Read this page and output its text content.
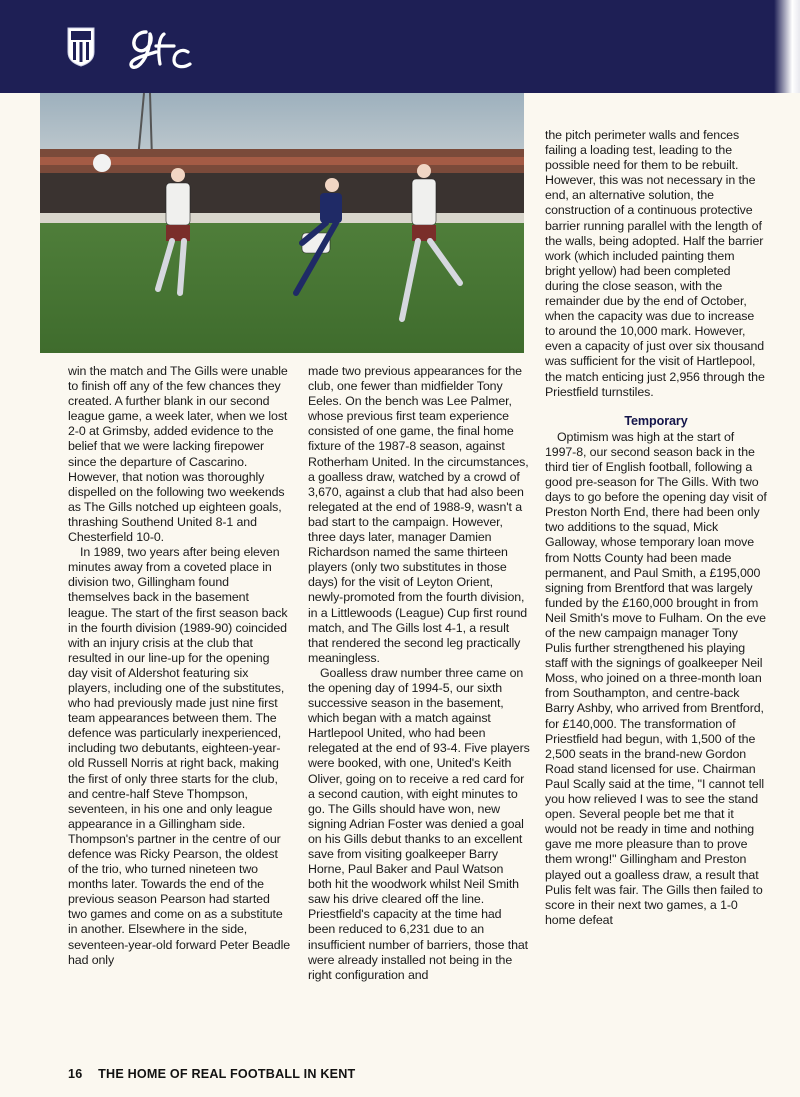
win the match and The Gills were unable to finish off any of the few chances they created. A further blank in our second league game, a week later, when we lost 2-0 at Grimsby, added evidence to the belief that we were lacking firepower since the departure of Cascarino. However, that notion was thoroughly dispelled on the following two weekends as The Gills notched up eighteen goals, thrashing Southend United 8-1 and Chesterfield 10-0.

In 1989, two years after being eleven minutes away from a coveted place in division two, Gillingham found themselves back in the basement league. The start of the first season back in the fourth division (1989-90) coincided with an injury crisis at the club that resulted in our line-up for the opening day visit of Aldershot featuring six players, including one of the substitutes, who had previously made just nine first team appearances between them. The defence was particularly inexperienced, including two debutants, eighteen-year-old Russell Norris at right back, making the first of only three starts for the club, and centre-half Steve Thompson, seventeen, in his one and only league appearance in a Gillingham side. Thompson's partner in the centre of our defence was Ricky Pearson, the oldest of the trio, who turned nineteen two months later. Towards the end of the previous season Pearson had started two games and come on as a substitute in another. Elsewhere in the side, seventeen-year-old forward Peter Beadle had only

made two previous appearances for the club, one fewer than midfielder Tony Eeles. On the bench was Lee Palmer, whose previous first team experience consisted of one game, the final home fixture of the 1987-8 season, against Rotherham United. In the circumstances, a goalless draw, watched by a crowd of 3,670, against a club that had also been relegated at the end of 1988-9, wasn't a bad start to the campaign. However, three days later, manager Damien Richardson named the same thirteen players (only two substitutes in those days) for the visit of Leyton Orient, newly-promoted from the fourth division, in a Littlewoods (League) Cup first round match, and The Gills lost 4-1, a result that rendered the second leg practically meaningless.

Goalless draw number three came on the opening day of 1994-5, our sixth successive season in the basement, which began with a match against Hartlepool United, who had been relegated at the end of 93-4. Five players were booked, with one, United's Keith Oliver, going on to receive a red card for a second caution, with eight minutes to go. The Gills should have won, new signing Adrian Foster was denied a goal on his Gills debut thanks to an excellent save from visiting goalkeeper Barry Horne, Paul Baker and Paul Watson both hit the woodwork whilst Neil Smith saw his drive cleared off the line. Priestfield's capacity at the time had been reduced to 6,231 due to an insufficient number of barriers, those that were already installed not being in the right configuration and

the pitch perimeter walls and fences failing a loading test, leading to the possible need for them to be rebuilt. However, this was not necessary in the end, an alternative solution, the construction of a continuous protective barrier running parallel with the length of the walls, being adopted. Half the barrier work (which included painting them bright yellow) had been completed during the close season, with the remainder due by the end of October, when the capacity was due to increase to around the 10,000 mark. However, even a capacity of just over six thousand was sufficient for the visit of Hartlepool, the match enticing just 2,956 through the Priestfield turnstiles.

Temporary

Optimism was high at the start of 1997-8, our second season back in the third tier of English football, following a good pre-season for The Gills. With two days to go before the opening day visit of Preston North End, there had been only two additions to the squad, Mick Galloway, whose temporary loan move from Notts County had been made permanent, and Paul Smith, a £195,000 signing from Brentford that was largely funded by the £160,000 brought in from Neil Smith's move to Fulham. On the eve of the new campaign manager Tony Pulis further strengthened his playing staff with the signings of goalkeeper Neil Moss, who joined on a three-month loan from Southampton, and centre-back Barry Ashby, who arrived from Brentford, for £140,000. The transformation of Priestfield had begun, with 1,500 of the 2,500 seats in the brand-new Gordon Road stand licensed for use. Chairman Paul Scally said at the time, "I cannot tell you how relieved I was to see the stand open. Several people bet me that it would not be ready in time and nothing gave me more pleasure than to prove them wrong!" Gillingham and Preston played out a goalless draw, a result that Pulis felt was fair. The Gills then failed to score in their next two games, a 1-0 home defeat

16 THE HOME OF REAL FOOTBALL IN KENT
